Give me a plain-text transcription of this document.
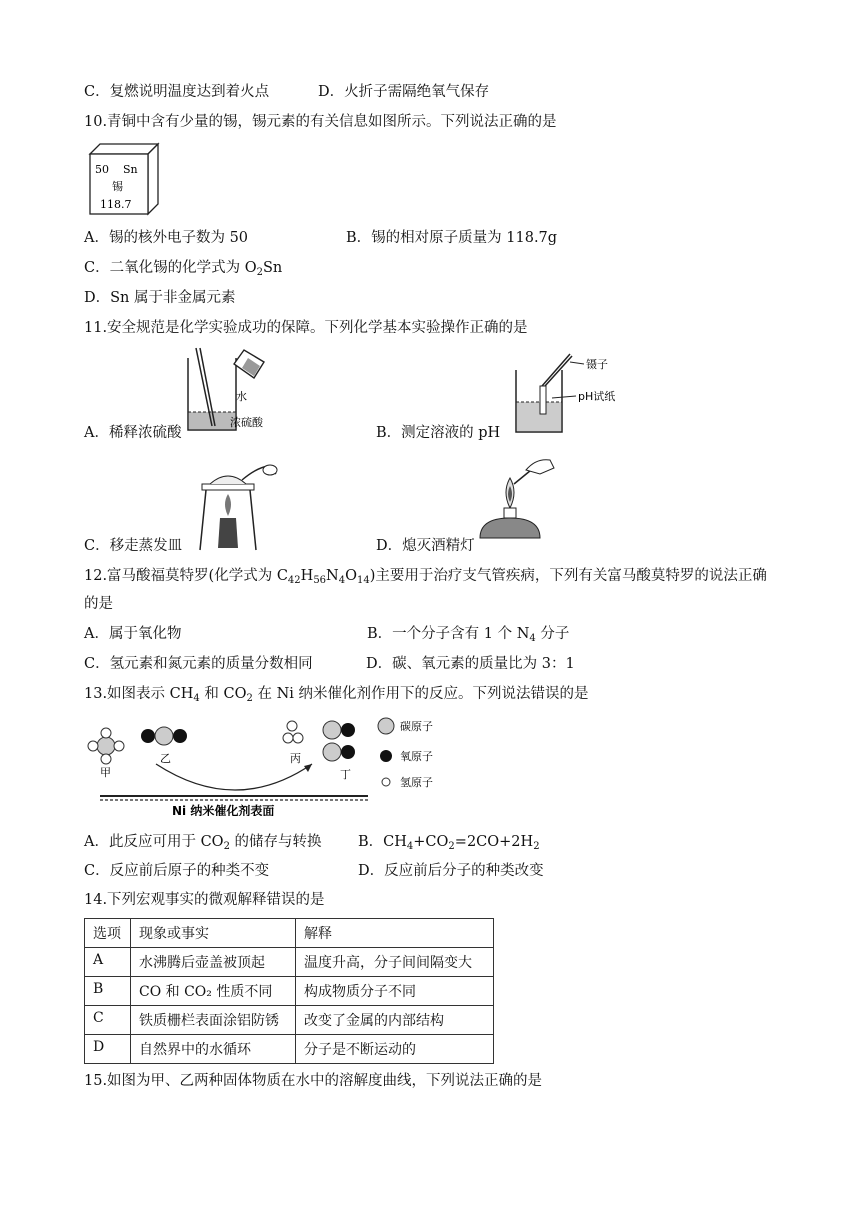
C．复燃说明温度达到着火点	D．火折子需隔绝氧气保存
10.青铜中含有少量的锡，锡元素的有关信息如图所示。下列说法正确的是
50 Sn
锡
118.7
A．锡的核外电子数为 50	B．锡的相对原子质量为 118.7g
C．二氧化锡的化学式为 $O_2Sn$
D．Sn 属于非金属元素
11.安全规范是化学实验成功的保障。下列化学基本实验操作正确的是
A．稀释浓硫酸
水
浓硫酸
B．测定溶液的 pH
镊子
pH试纸
C．移走蒸发皿	D．熄灭酒精灯
12.富马酸福莫特罗(化学式为 $C_{42}H_{56}N_4O_{14}$)主要用于治疗支气管疾病，下列有关富马酸莫特罗的说法正确
的是
A．属于氧化物	B．一个分子含有 1 个 $N_4$ 分子
C．氢元素和氮元素的质量分数相同	D．碳、氧元素的质量比为 3：1
13.如图表示 $CH_4$ 和 $CO_2$ 在 Ni 纳米催化剂作用下的反应。下列说法错误的是
甲
乙	丙
丁
碳原子
氧原子
氢原子
Ni 纳米催化剂表面
A．此反应可用于 $CO_2$ 的储存与转换	B．$CH_4+CO_2=2CO+2H_2$
C．反应前后原子的种类不变	D．反应前后分子的种类改变
14.下列宏观事实的微观解释错误的是
选项	现象或事实	解释
A	水沸腾后壶盖被顶起	温度升高，分子间间隔变大
B	CO 和 CO₂ 性质不同	构成物质分子不同
C	铁质栅栏表面涂铝防锈	改变了金属的内部结构
D	自然界中的水循环	分子是不断运动的
15.如图为甲、乙两种固体物质在水中的溶解度曲线，下列说法正确的是
